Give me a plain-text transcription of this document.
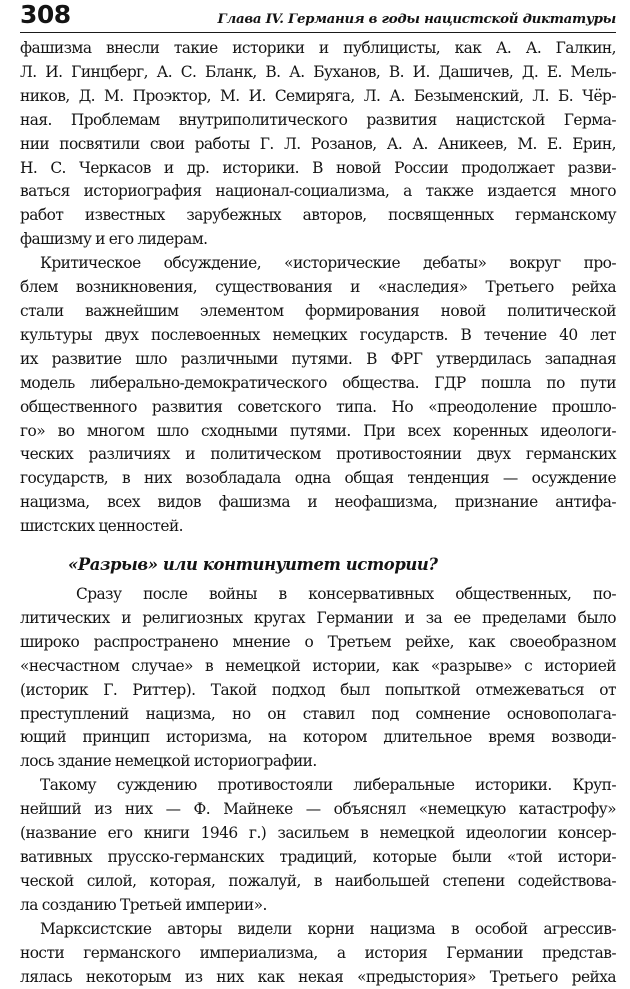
308	Глава IV. Германия в годы нацистской диктатуры

фашизма внесли такие историки и публицисты, как А. А. Галкин,
Л. И. Гинцберг, А. С. Бланк, В. А. Буханов, В. И. Дашичев, Д. Е. Мель-
ников, Д. М. Проэктор, М. И. Семиряга, Л. А. Безыменский, Л. Б. Чёр-
ная. Проблемам внутриполитического развития нацистской Герма-
нии посвятили свои работы Г. Л. Розанов, А. А. Аникеев, М. Е. Ерин,
Н. С. Черкасов и др. историки. В новой России продолжает разви-
ваться историография национал-социализма, а также издается много
работ известных зарубежных авторов, посвященных германскому
фашизму и его лидерам.

Критическое обсуждение, «исторические дебаты» вокруг про-
блем возникновения, существования и «наследия» Третьего рейха
стали важнейшим элементом формирования новой политической
культуры двух послевоенных немецких государств. В течение 40 лет
их развитие шло различными путями. В ФРГ утвердилась западная
модель либерально-демократического общества. ГДР пошла по пути
общественного развития советского типа. Но «преодоление прошло-
го» во многом шло сходными путями. При всех коренных идеологи-
ческих различиях и политическом противостоянии двух германских
государств, в них возобладала одна общая тенденция — осуждение
нацизма, всех видов фашизма и неофашизма, признание антифа-
шистских ценностей.

«Разрыв» или континуитет истории?

Сразу после войны в консервативных общественных, по-
литических и религиозных кругах Германии и за ее пределами было
широко распространено мнение о Третьем рейхе, как своеобразном
«несчастном случае» в немецкой истории, как «разрыве» с историей
(историк Г. Риттер). Такой подход был попыткой отмежеваться от
преступлений нацизма, но он ставил под сомнение основополага-
ющий принцип историзма, на котором длительное время возводи-
лось здание немецкой историографии.

Такому суждению противостояли либеральные историки. Круп-
нейший из них — Ф. Майнеке — объяснял «немецкую катастрофу»
(название его книги 1946 г.) засильем в немецкой идеологии консер-
вативных прусско-германских традиций, которые были «той истори-
ческой силой, которая, пожалуй, в наибольшей степени содействова-
ла созданию Третьей империи».

Марксистские авторы видели корни нацизма в особой агрессив-
ности германского империализма, а история Германии представ-
лялась некоторым из них как некая «предыстория» Третьего рейха
